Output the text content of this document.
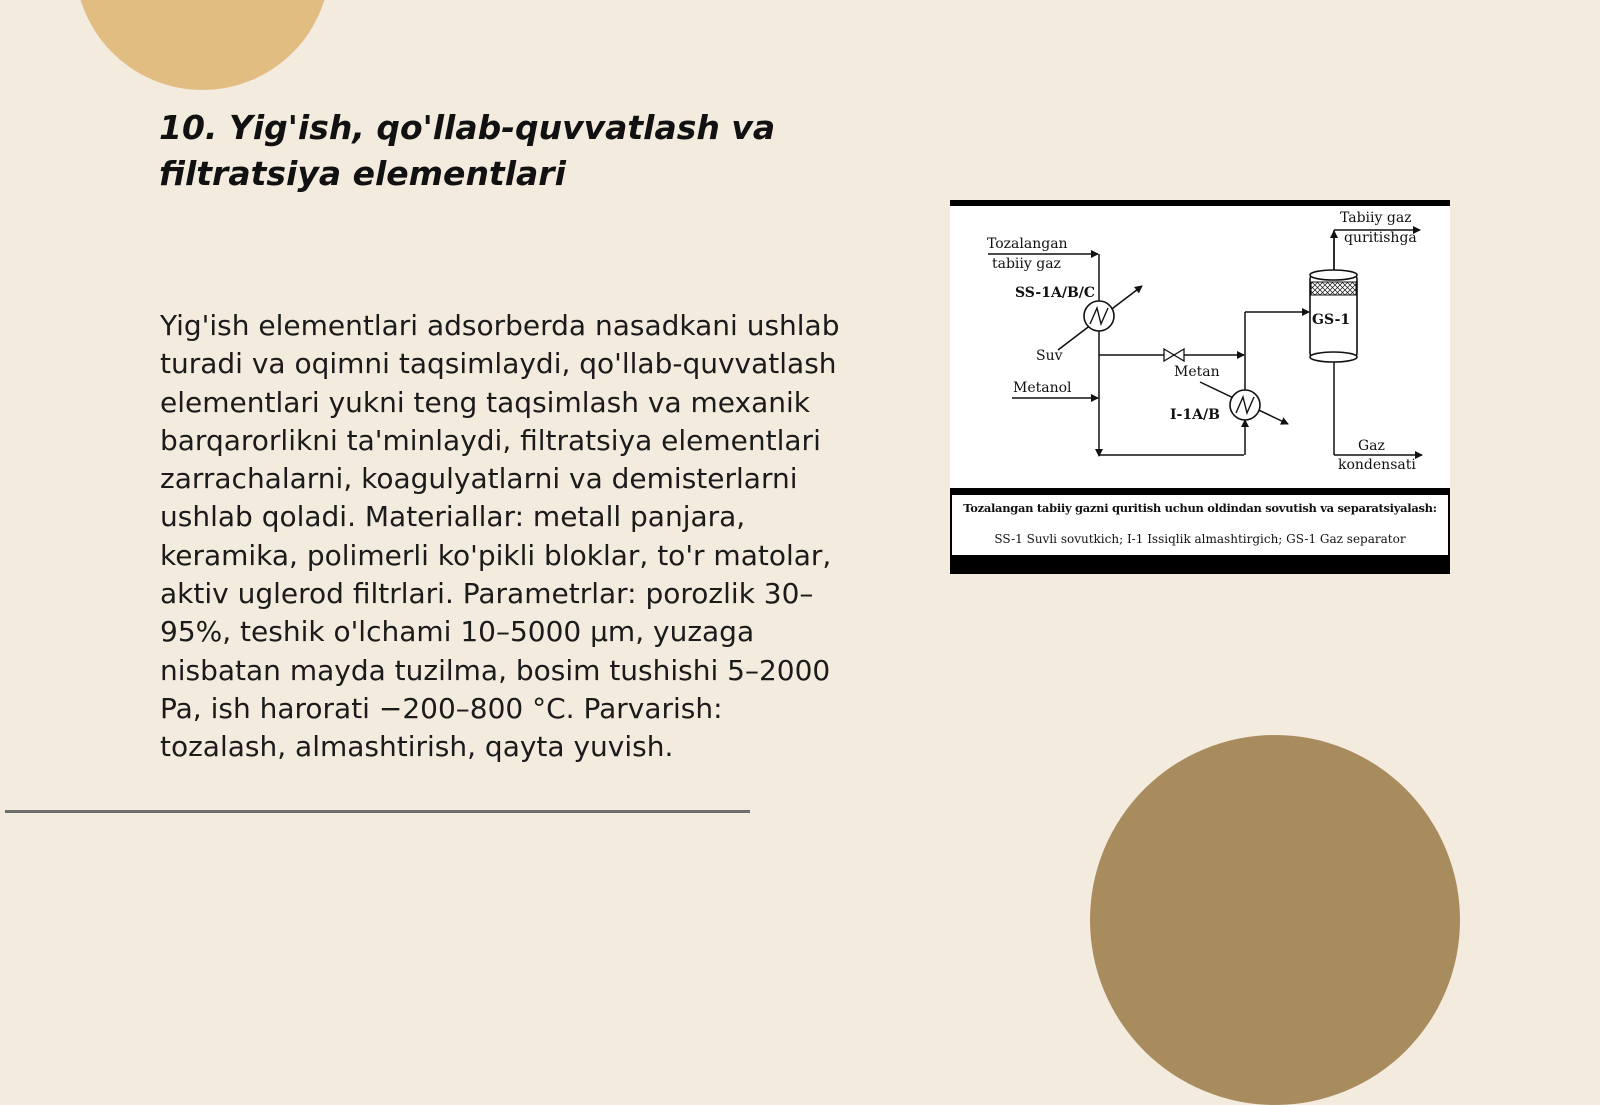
10. Yig'ish, qo'llab-quvvatlash va filtratsiya elementlari

Yig'ish elementlari adsorberda nasadkani ushlab turadi va oqimni taqsimlaydi, qo'llab-quvvatlash elementlari yukni teng taqsimlash va mexanik barqarorlikni ta'minlaydi, filtratsiya elementlari zarrachalarni, koagulyatlarni va demisterlarni ushlab qoladi. Materiallar: metall panjara, keramika, polimerli ko'pikli bloklar, to'r matolar, aktiv uglerod filtrlari. Parametrlar: porozlik 30–95%, teshik o'lchami 10–5000 µm, yuzaga nisbatan mayda tuzilma, bosim tushishi 5–2000 Pa, ish harorati −200–800 °C. Parvarish: tozalash, almashtirish, qayta yuvish.

Tozalangan
tabiiy gaz
SS-1A/B/C
Suv
Metanol
Metan
I-1A/B
GS-1
Tabiiy gaz
quritishga
Gaz
kondensati
Tozalangan tabiiy gazni quritish uchun oldindan sovutish va separatsiyalash:
SS-1 Suvli sovutkich; I-1 Issiqlik almashtirgich; GS-1 Gaz separator
